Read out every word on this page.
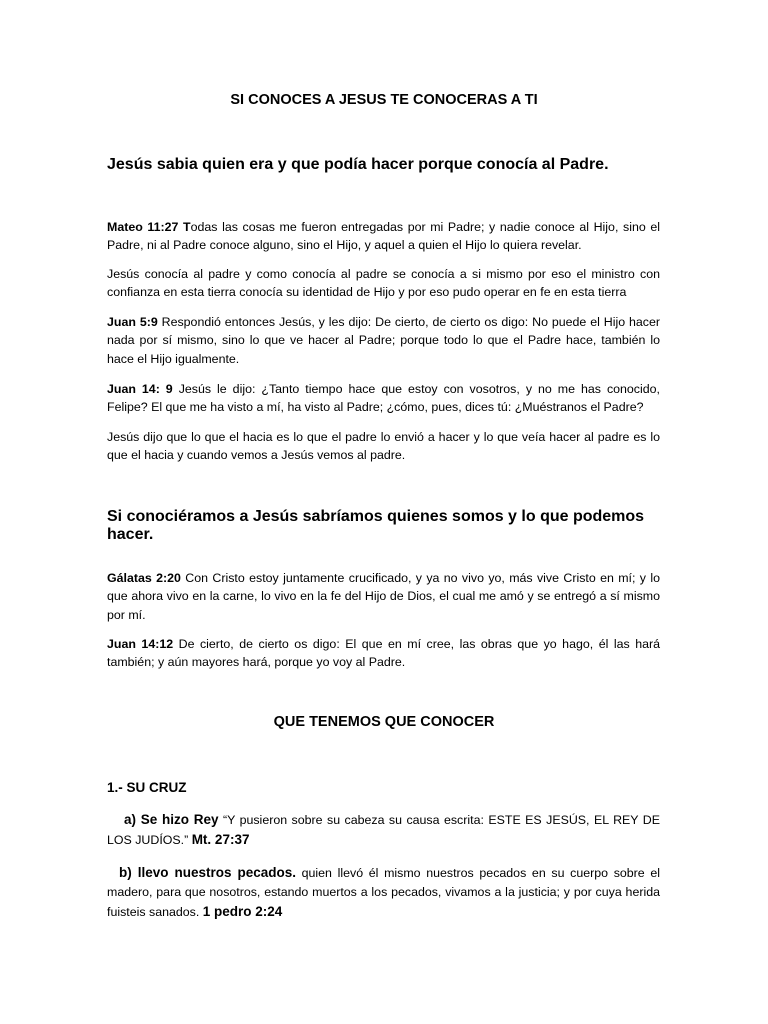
SI CONOCES A JESUS TE CONOCERAS A TI
Jesús sabia quien era y que podía hacer porque conocía al Padre.
Mateo 11:27 Todas las cosas me fueron entregadas por mi Padre; y nadie conoce al Hijo, sino el Padre, ni al Padre conoce alguno, sino el Hijo, y aquel a quien el Hijo lo quiera revelar.
Jesús conocía al padre y como conocía al padre se conocía a si mismo por eso el ministro con confianza en esta tierra conocía su identidad de Hijo y por eso pudo operar en fe en esta tierra
Juan 5:9 Respondió entonces Jesús, y les dijo: De cierto, de cierto os digo: No puede el Hijo hacer nada por sí mismo, sino lo que ve hacer al Padre; porque todo lo que el Padre hace, también lo hace el Hijo igualmente.
Juan 14: 9 Jesús le dijo: ¿Tanto tiempo hace que estoy con vosotros, y no me has conocido, Felipe? El que me ha visto a mí, ha visto al Padre; ¿cómo, pues, dices tú: ¿Muéstranos el Padre?
Jesús dijo que lo que el hacia es lo que el padre lo envió a hacer y lo que veía hacer al padre es lo que el hacia y cuando vemos a Jesús vemos al padre.
Si conociéramos a Jesús sabríamos quienes somos y lo que podemos hacer.
Gálatas 2:20 Con Cristo estoy juntamente crucificado, y ya no vivo yo, más vive Cristo en mí; y lo que ahora vivo en la carne, lo vivo en la fe del Hijo de Dios, el cual me amó y se entregó a sí mismo por mí.
Juan 14:12 De cierto, de cierto os digo: El que en mí cree, las obras que yo hago, él las hará también; y aún mayores hará, porque yo voy al Padre.
QUE TENEMOS QUE CONOCER
1.- SU CRUZ
a) Se hizo Rey “Y pusieron sobre su cabeza su causa escrita: ESTE ES JESÚS, EL REY DE LOS JUDÍOS.” Mt. 27:37
b) llevo nuestros pecados. quien llevó él mismo nuestros pecados en su cuerpo sobre el madero, para que nosotros, estando muertos a los pecados, vivamos a la justicia; y por cuya herida fuisteis sanados. 1 pedro 2:24
